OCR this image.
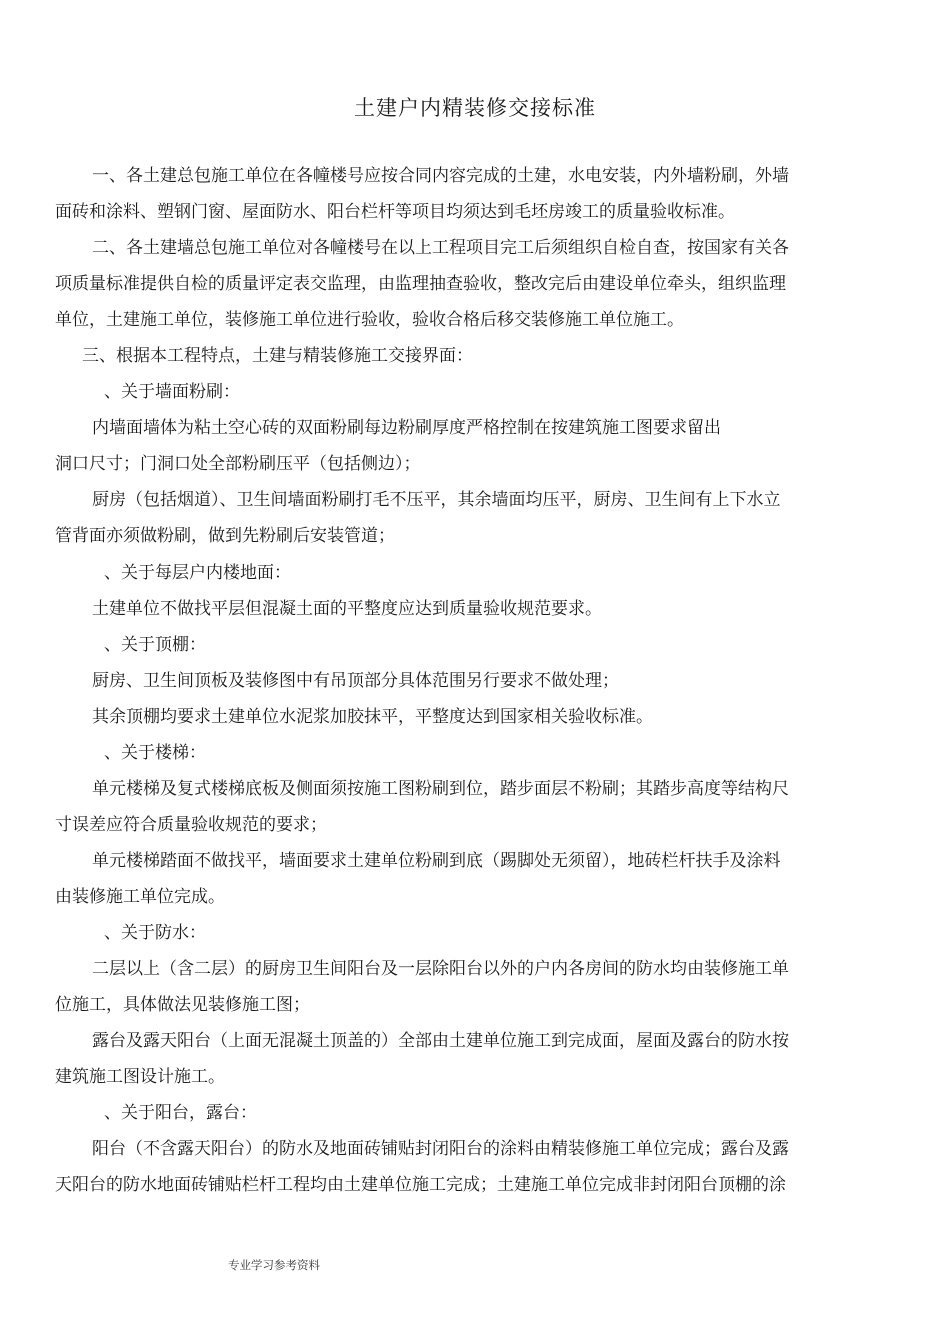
土建户内精装修交接标准
一、各土建总包施工单位在各幢楼号应按合同内容完成的土建，水电安装，内外墙粉刷，外墙
面砖和涂料、塑钢门窗、屋面防水、阳台栏杆等项目均须达到毛坯房竣工的质量验收标准。
二、各土建墙总包施工单位对各幢楼号在以上工程项目完工后须组织自检自查，按国家有关各
项质量标准提供自检的质量评定表交监理，由监理抽查验收，整改完后由建设单位牵头，组织监理
单位，土建施工单位，装修施工单位进行验收，验收合格后移交装修施工单位施工。
三、根据本工程特点，土建与精装修施工交接界面：
、关于墙面粉刷：
内墙面墙体为粘土空心砖的双面粉刷每边粉刷厚度严格控制在按建筑施工图要求留出
洞口尺寸；门洞口处全部粉刷压平（包括侧边）；
厨房（包括烟道）、卫生间墙面粉刷打毛不压平，其余墙面均压平，厨房、卫生间有上下水立
管背面亦须做粉刷，做到先粉刷后安装管道；
、关于每层户内楼地面：
土建单位不做找平层但混凝土面的平整度应达到质量验收规范要求。
、关于顶棚：
厨房、卫生间顶板及装修图中有吊顶部分具体范围另行要求不做处理；
其余顶棚均要求土建单位水泥浆加胶抹平，平整度达到国家相关验收标准。
、关于楼梯：
单元楼梯及复式楼梯底板及侧面须按施工图粉刷到位，踏步面层不粉刷；其踏步高度等结构尺
寸误差应符合质量验收规范的要求；
单元楼梯踏面不做找平，墙面要求土建单位粉刷到底（踢脚处无须留），地砖栏杆扶手及涂料
由装修施工单位完成。
、关于防水：
二层以上（含二层）的厨房卫生间阳台及一层除阳台以外的户内各房间的防水均由装修施工单
位施工，具体做法见装修施工图；
露台及露天阳台（上面无混凝土顶盖的）全部由土建单位施工到完成面，屋面及露台的防水按
建筑施工图设计施工。
、关于阳台，露台：
阳台（不含露天阳台）的防水及地面砖铺贴封闭阳台的涂料由精装修施工单位完成；露台及露
天阳台的防水地面砖铺贴栏杆工程均由土建单位施工完成；土建施工单位完成非封闭阳台顶棚的涂
专业学习参考资料
